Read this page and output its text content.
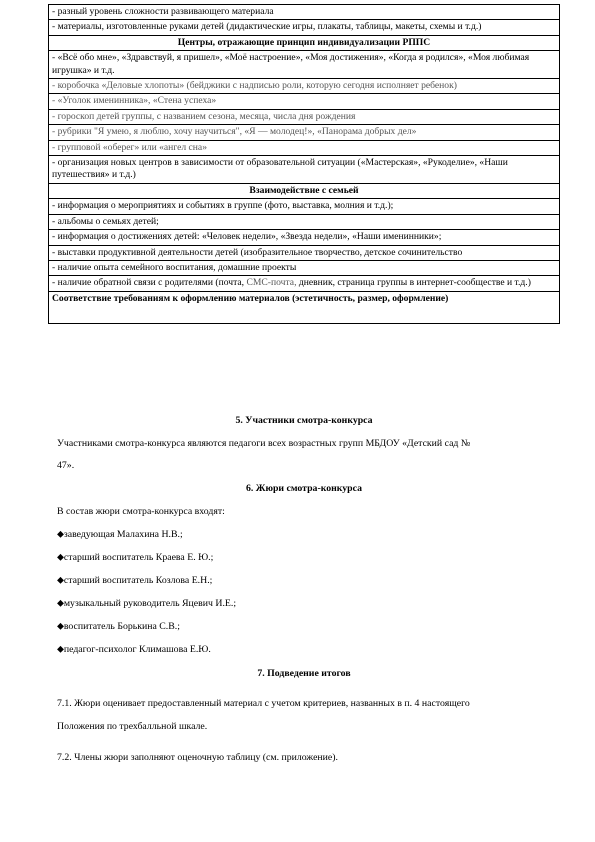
- разный уровень сложности развивающего материала
- материалы, изготовленные руками детей (дидактические игры, плакаты, таблицы, макеты, схемы и т.д.)
Центры, отражающие принцип индивидуализации РППС
- «Всё обо мне», «Здравствуй, я пришел», «Моё настроение», «Моя достижения», «Когда я родился», «Моя любимая игрушка» и т.д.
- коробочка «Деловые хлопоты» (бейджики с надписью роли, которую сегодня исполняет ребенок)
- «Уголок именинника», «Стена успеха»
- гороскоп детей группы, с названием сезона, месяца, числа дня рождения
- рубрики "Я умею, я люблю, хочу научиться", «Я — молодец!», «Панорама добрых дел»
- групповой «оберег» или «ангел сна»
- организация новых центров в зависимости от образовательной ситуации («Мастерская», «Рукоделие», «Наши путешествия» и т.д.)
Взаимодействие с семьей
- информация о мероприятиях и событиях в группе (фото, выставка, молния и т.д.);
- альбомы о семьях детей;
- информация о достижениях детей: «Человек недели», «Звезда недели», «Наши именинники»;
- выставки продуктивной деятельности детей (изобразительное творчество, детское сочинительство
- наличие опыта семейного воспитания, домашние проекты
- наличие обратной связи с родителями (почта, СМС-почта, дневник, страница группы в интернет-сообществе и т.д.)
Соответствие требованиям к оформлению материалов (эстетичность, размер, оформление)
5. Участники смотра-конкурса
Участниками смотра-конкурса являются педагоги всех возрастных групп МБДОУ «Детский сад №
47».
6. Жюри смотра-конкурса
В состав жюри смотра-конкурса входят:
⬥заведующая Малахина Н.В.;
⬥старший воспитатель Краева Е. Ю.;
⬥старший воспитатель Козлова Е.Н.;
⬥музыкальный руководитель Яцевич И.Е.;
⬥воспитатель Борькина С.В.;
⬥педагог-психолог Климашова Е.Ю.
7. Подведение итогов
7.1. Жюри оценивает предоставленный материал с учетом критериев, названных в п. 4 настоящего
Положения по трехбалльной шкале.
7.2. Члены жюри заполняют оценочную таблицу (см. приложение).
